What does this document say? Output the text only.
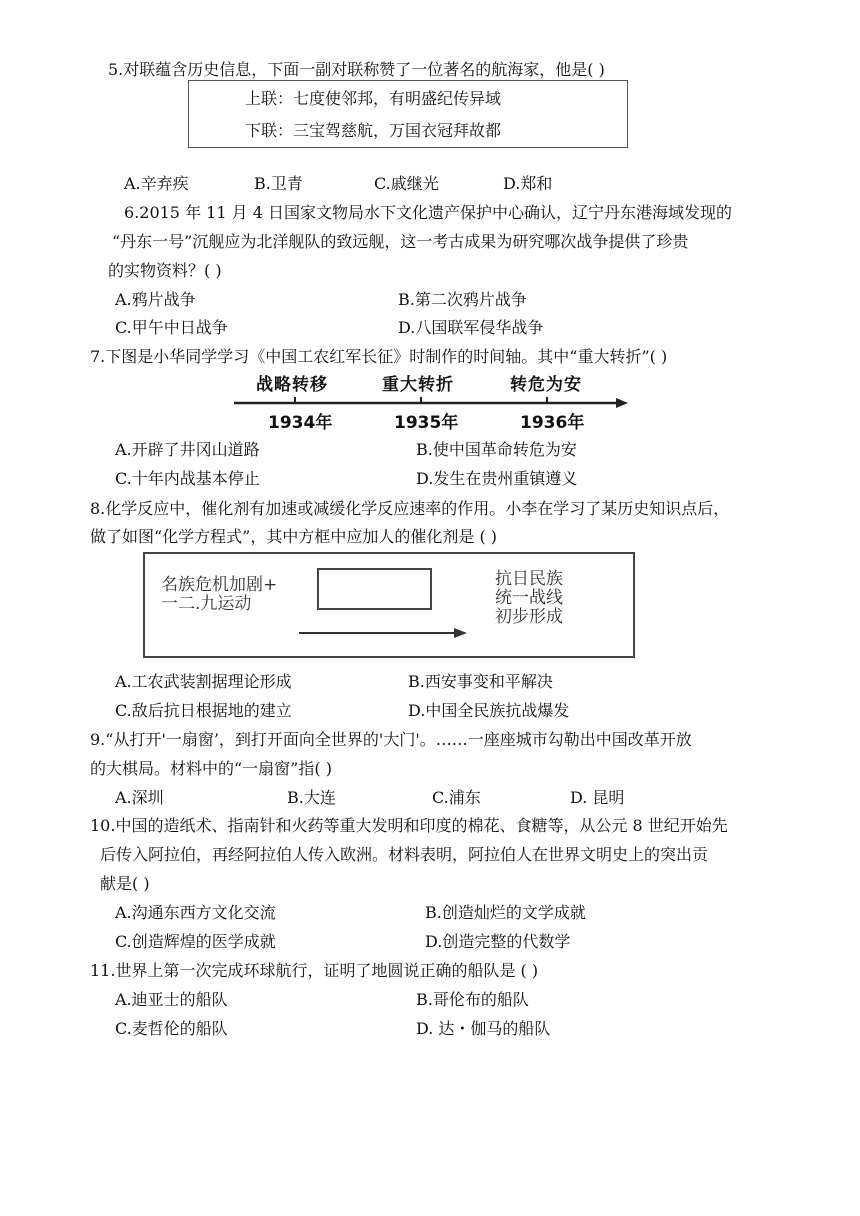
5.对联蕴含历史信息，下面一副对联称赞了一位著名的航海家，他是( )
上联：七度使邻邦，有明盛纪传异域
下联：三宝驾慈航，万国衣冠拜故都
A.辛弃疾	B.卫青	C.戚继光	D.郑和
6.2015 年 11 月 4 日国家文物局水下文化遗产保护中心确认，辽宁丹东港海域发现的
“丹东一号”沉舰应为北洋舰队的致远舰，这一考古成果为研究哪次战争提供了珍贵
的实物资料？( )
A.鸦片战争	B.第二次鸦片战争
C.甲午中日战争	D.八国联军侵华战争
7.下图是小华同学学习《中国工农红军长征》时制作的时间轴。其中“重大转折”( )
战略转移	重大转折	转危为安
1934年	1935年	1936年
A.开辟了井冈山道路	B.使中国革命转危为安
C.十年内战基本停止	D.发生在贵州重镇遵义
8.化学反应中，催化剂有加速或减缓化学反应速率的作用。小李在学习了某历史知识点后，
做了如图“化学方程式”，其中方框中应加人的催化剂是 ( )
名族危机加剧+
一二.九运动
抗日民族
统一战线
初步形成
A.工农武装割据理论形成	B.西安事变和平解决
C.敌后抗日根据地的建立	D.中国全民族抗战爆发
9.“从打开'一扇窗’，到打开面向全世界的'大门'。……一座座城市勾勒出中国改革开放
的大棋局。材料中的“一扇窗”指( )
A.深圳	B.大连	C.浦东	D. 昆明
10.中国的造纸术、指南针和火药等重大发明和印度的棉花、食糖等，从公元 8 世纪开始先
后传入阿拉伯，再经阿拉伯人传入欧洲。材料表明，阿拉伯人在世界文明史上的突出贡
献是( )
A.沟通东西方文化交流	B.创造灿烂的文学成就
C.创造辉煌的医学成就	D.创造完整的代数学
11.世界上第一次完成环球航行，证明了地圆说正确的船队是 ( )
A.迪亚士的船队	B.哥伦布的船队
C.麦哲伦的船队	D. 达・伽马的船队
